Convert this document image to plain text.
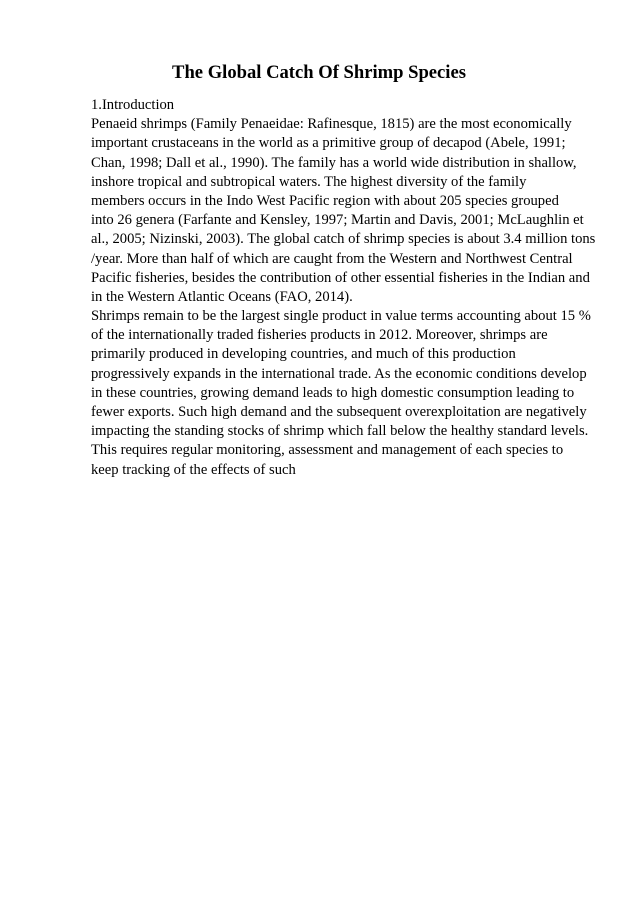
The Global Catch Of Shrimp Species
1.Introduction
Penaeid shrimps (Family Penaeidae: Rafinesque, 1815) are the most economically
important crustaceans in the world as a primitive group of decapod (Abele, 1991;
Chan, 1998; Dall et al., 1990). The family has a world wide distribution in shallow,
inshore tropical and subtropical waters. The highest diversity of the family
members occurs in the Indo West Pacific region with about 205 species grouped
into 26 genera (Farfante and Kensley, 1997; Martin and Davis, 2001; McLaughlin et
al., 2005; Nizinski, 2003). The global catch of shrimp species is about 3.4 million tons
/year. More than half of which are caught from the Western and Northwest Central
Pacific fisheries, besides the contribution of other essential fisheries in the Indian and
in the Western Atlantic Oceans (FAO, 2014).
Shrimps remain to be the largest single product in value terms accounting about 15 %
of the internationally traded fisheries products in 2012. Moreover, shrimps are
primarily produced in developing countries, and much of this production
progressively expands in the international trade. As the economic conditions develop
in these countries, growing demand leads to high domestic consumption leading to
fewer exports. Such high demand and the subsequent overexploitation are negatively
impacting the standing stocks of shrimp which fall below the healthy standard levels.
This requires regular monitoring, assessment and management of each species to
keep tracking of the effects of such
